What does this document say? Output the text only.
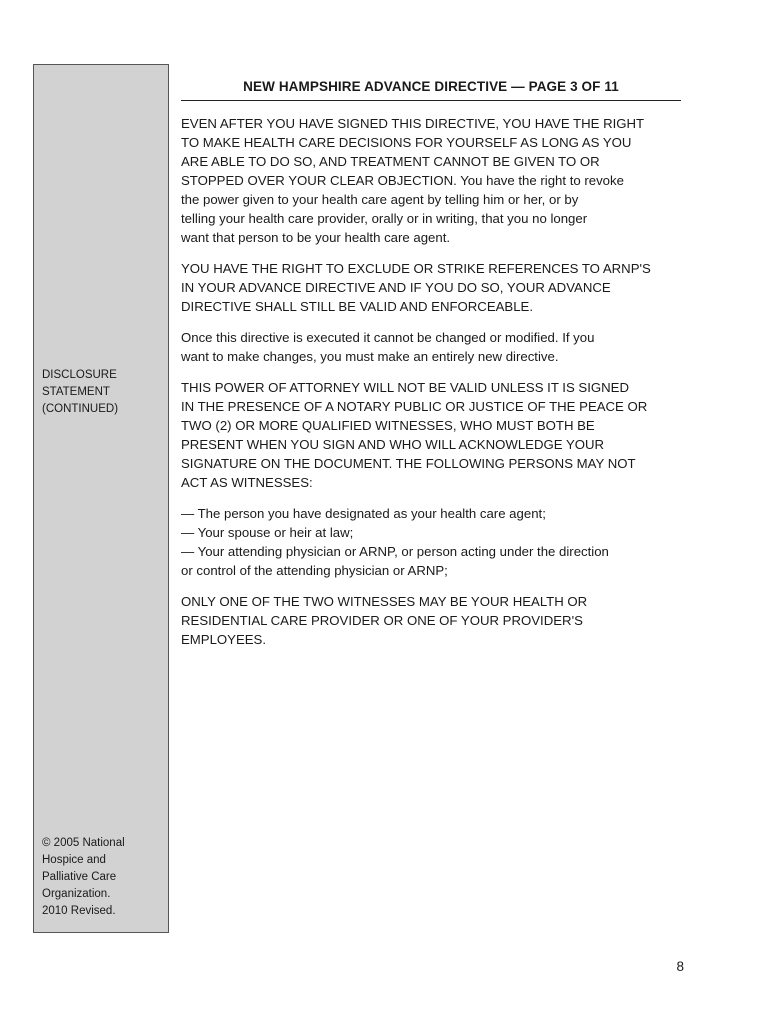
DISCLOSURE
STATEMENT
(CONTINUED)
© 2005 National
Hospice and
Palliative Care
Organization.
2010 Revised.
NEW HAMPSHIRE ADVANCE DIRECTIVE — PAGE 3 OF 11

EVEN AFTER YOU HAVE SIGNED THIS DIRECTIVE, YOU HAVE THE RIGHT
TO MAKE HEALTH CARE DECISIONS FOR YOURSELF AS LONG AS YOU
ARE ABLE TO DO SO, AND TREATMENT CANNOT BE GIVEN TO OR
STOPPED OVER YOUR CLEAR OBJECTION. You have the right to revoke
the power given to your health care agent by telling him or her, or by
telling your health care provider, orally or in writing, that you no longer
want that person to be your health care agent.

YOU HAVE THE RIGHT TO EXCLUDE OR STRIKE REFERENCES TO ARNP'S
IN YOUR ADVANCE DIRECTIVE AND IF YOU DO SO, YOUR ADVANCE
DIRECTIVE SHALL STILL BE VALID AND ENFORCEABLE.

Once this directive is executed it cannot be changed or modified. If you
want to make changes, you must make an entirely new directive.

THIS POWER OF ATTORNEY WILL NOT BE VALID UNLESS IT IS SIGNED
IN THE PRESENCE OF A NOTARY PUBLIC OR JUSTICE OF THE PEACE OR
TWO (2) OR MORE QUALIFIED WITNESSES, WHO MUST BOTH BE
PRESENT WHEN YOU SIGN AND WHO WILL ACKNOWLEDGE YOUR
SIGNATURE ON THE DOCUMENT. THE FOLLOWING PERSONS MAY NOT
ACT AS WITNESSES:

— The person you have designated as your health care agent;
— Your spouse or heir at law;
— Your attending physician or ARNP, or person acting under the direction
or control of the attending physician or ARNP;

ONLY ONE OF THE TWO WITNESSES MAY BE YOUR HEALTH OR
RESIDENTIAL CARE PROVIDER OR ONE OF YOUR PROVIDER'S
EMPLOYEES.

8
